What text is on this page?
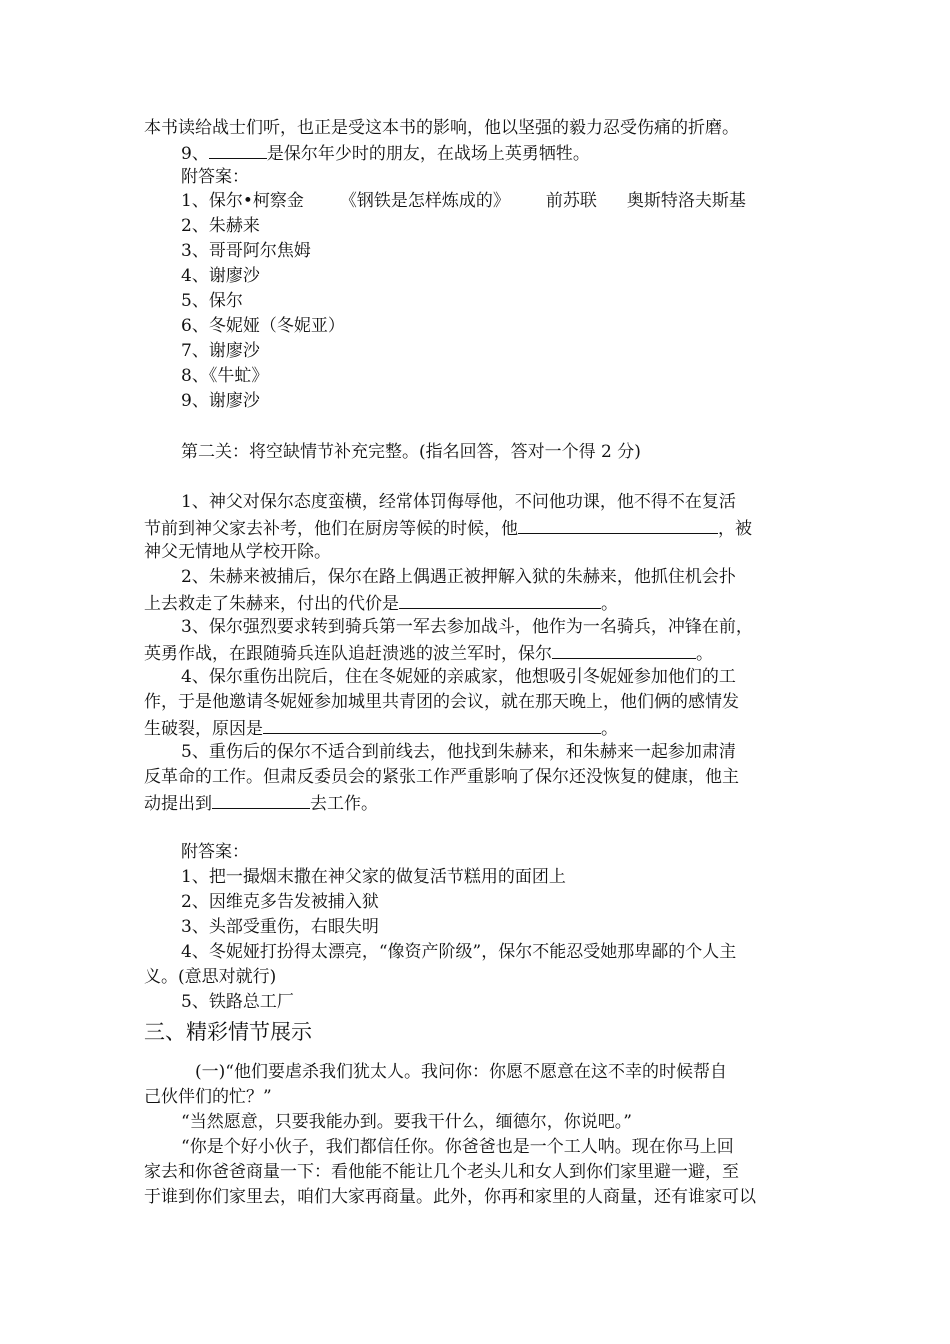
本书读给战士们听，也正是受这本书的影响，他以坚强的毅力忍受伤痛的折磨。
9、	是保尔年少时的朋友，在战场上英勇牺牲。
附答案：
1、保尔•柯察金 《钢铁是怎样炼成的》 前苏联 奥斯特洛夫斯基
2、朱赫来
3、哥哥阿尔焦姆
4、谢廖沙
5、保尔
6、冬妮娅（冬妮亚）
7、谢廖沙
8、《牛虻》
9、谢廖沙
第二关：将空缺情节补充完整。(指名回答，答对一个得 2 分)
1、神父对保尔态度蛮横，经常体罚侮辱他，不问他功课，他不得不在复活
节前到神父家去补考，他们在厨房等候的时候，他	，被
神父无情地从学校开除。
2、朱赫来被捕后，保尔在路上偶遇正被押解入狱的朱赫来，他抓住机会扑
上去救走了朱赫来，付出的代价是	。
3、保尔强烈要求转到骑兵第一军去参加战斗，他作为一名骑兵，冲锋在前，
英勇作战，在跟随骑兵连队追赶溃逃的波兰军时，保尔	。
4、保尔重伤出院后，住在冬妮娅的亲戚家，他想吸引冬妮娅参加他们的工
作，于是他邀请冬妮娅参加城里共青团的会议，就在那天晚上，他们俩的感情发
生破裂，原因是	。
5、重伤后的保尔不适合到前线去，他找到朱赫来，和朱赫来一起参加肃清
反革命的工作。但肃反委员会的紧张工作严重影响了保尔还没恢复的健康，他主
动提出到	去工作。
附答案：
1、把一撮烟末撒在神父家的做复活节糕用的面团上
2、因维克多告发被捕入狱
3、头部受重伤，右眼失明
4、冬妮娅打扮得太漂亮，“像资产阶级”，保尔不能忍受她那卑鄙的个人主
义。(意思对就行)
5、铁路总工厂
三、精彩情节展示
(一)“他们要虐杀我们犹太人。我问你：你愿不愿意在这不幸的时候帮自
己伙伴们的忙？”
“当然愿意，只要我能办到。要我干什么，缅德尔，你说吧。”
“你是个好小伙子，我们都信任你。你爸爸也是一个工人呐。现在你马上回
家去和你爸爸商量一下：看他能不能让几个老头儿和女人到你们家里避一避，至
于谁到你们家里去，咱们大家再商量。此外，你再和家里的人商量，还有谁家可以
